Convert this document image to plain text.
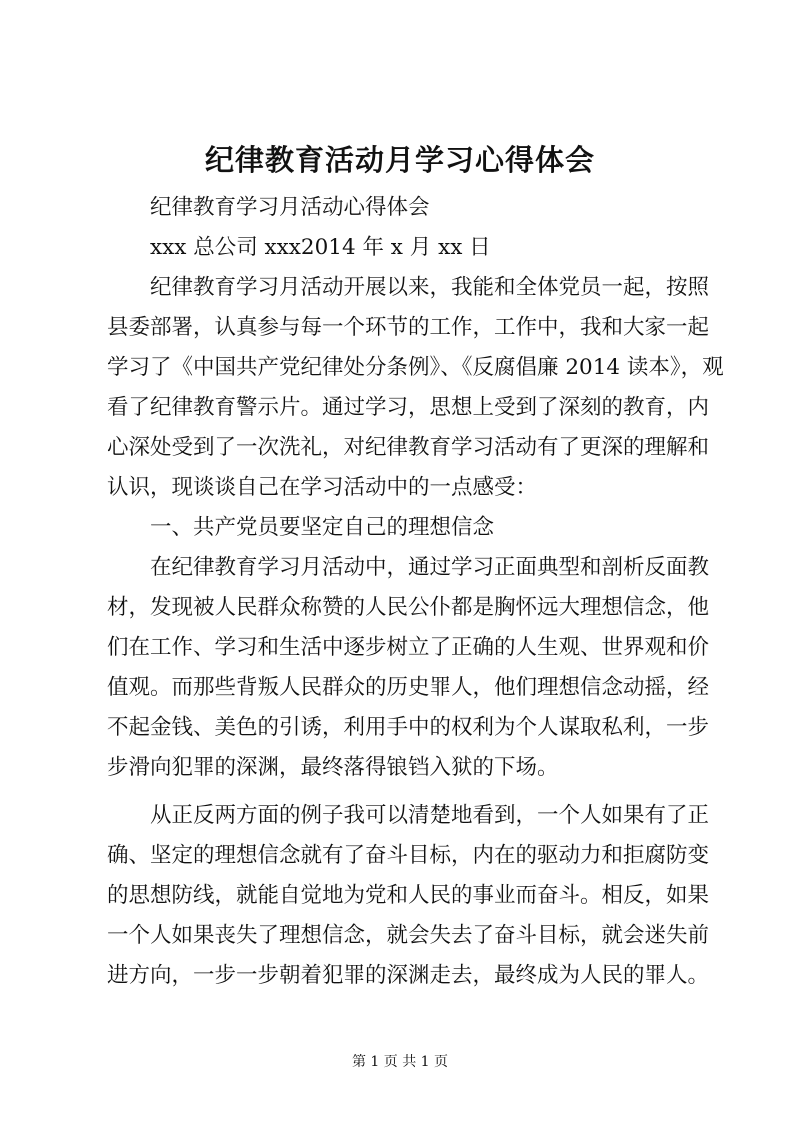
纪律教育活动月学习心得体会
纪律教育学习月活动心得体会
xxx 总公司 xxx2014 年 x 月 xx 日
纪律教育学习月活动开展以来，我能和全体党员一起，按照
县委部署，认真参与每一个环节的工作，工作中，我和大家一起
学习了《中国共产党纪律处分条例》、《反腐倡廉 2014 读本》，观
看了纪律教育警示片。通过学习，思想上受到了深刻的教育，内
心深处受到了一次洗礼，对纪律教育学习活动有了更深的理解和
认识，现谈谈自己在学习活动中的一点感受：
一、共产党员要坚定自己的理想信念
在纪律教育学习月活动中，通过学习正面典型和剖析反面教
材，发现被人民群众称赞的人民公仆都是胸怀远大理想信念，他
们在工作、学习和生活中逐步树立了正确的人生观、世界观和价
值观。而那些背叛人民群众的历史罪人，他们理想信念动摇，经
不起金钱、美色的引诱，利用手中的权利为个人谋取私利，一步
步滑向犯罪的深渊，最终落得锒铛入狱的下场。
从正反两方面的例子我可以清楚地看到，一个人如果有了正
确、坚定的理想信念就有了奋斗目标，内在的驱动力和拒腐防变
的思想防线，就能自觉地为党和人民的事业而奋斗。相反，如果
一个人如果丧失了理想信念，就会失去了奋斗目标，就会迷失前
进方向，一步一步朝着犯罪的深渊走去，最终成为人民的罪人。
第 1 页 共 1 页
